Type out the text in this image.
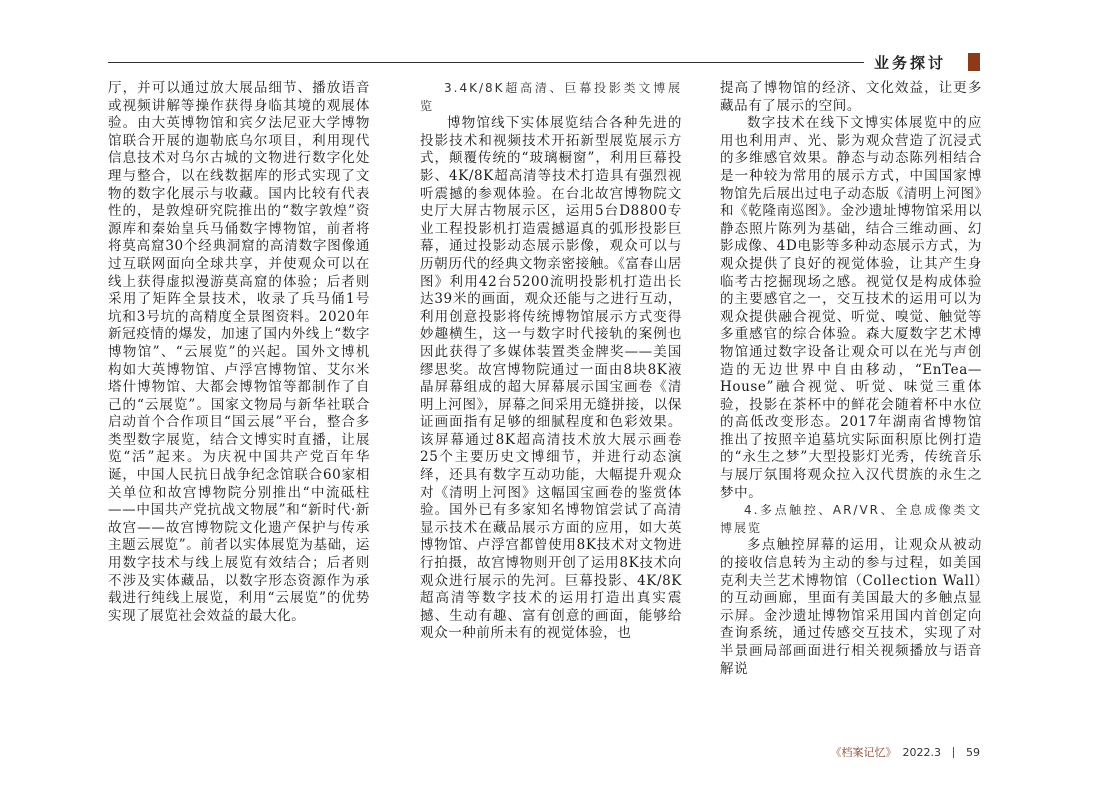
业务探讨

厅，并可以通过放大展品细节、播放语音或视频讲解等操作获得身临其境的观展体验。由大英博物馆和宾夕法尼亚大学博物馆联合开展的迦勒底乌尔项目，利用现代信息技术对乌尔古城的文物进行数字化处理与整合，以在线数据库的形式实现了文物的数字化展示与收藏。国内比较有代表性的，是敦煌研究院推出的“数字敦煌”资源库和秦始皇兵马俑数字博物馆，前者将将莫高窟30个经典洞窟的高清数字图像通过互联网面向全球共享，并使观众可以在线上获得虚拟漫游莫高窟的体验；后者则采用了矩阵全景技术，收录了兵马俑1号坑和3号坑的高精度全景图资料。2020年新冠疫情的爆发，加速了国内外线上“数字博物馆”、“云展览”的兴起。国外文博机构如大英博物馆、卢浮宫博物馆、艾尔米塔什博物馆、大都会博物馆等都制作了自己的“云展览”。国家文物局与新华社联合启动首个合作项目“国云展”平台，整合多类型数字展览，结合文博实时直播，让展览“活”起来。为庆祝中国共产党百年华诞，中国人民抗日战争纪念馆联合60家相关单位和故宫博物院分别推出“中流砥柱——中国共产党抗战文物展”和“新时代·新故宫——故宫博物院文化遗产保护与传承主题云展览”。前者以实体展览为基础，运用数字技术与线上展览有效结合；后者则不涉及实体藏品，以数字形态资源作为承载进行纯线上展览，利用“云展览”的优势实现了展览社会效益的最大化。

3.4K/8K超高清、巨幕投影类文博展览

博物馆线下实体展览结合各种先进的投影技术和视频技术开拓新型展览展示方式，颠覆传统的“玻璃橱窗”，利用巨幕投影、4K/8K超高清等技术打造具有强烈视听震撼的参观体验。在台北故宫博物院文史厅大屏古物展示区，运用5台D8800专业工程投影机打造震撼逼真的弧形投影巨幕，通过投影动态展示影像，观众可以与历朝历代的经典文物亲密接触。《富春山居图》利用42台5200流明投影机打造出长达39米的画面，观众还能与之进行互动，利用创意投影将传统博物馆展示方式变得妙趣横生，这一与数字时代接轨的案例也因此获得了多媒体装置类金牌奖——美国缪思奖。故宫博物院通过一面由8块8K液晶屏幕组成的超大屏幕展示国宝画卷《清明上河图》，屏幕之间采用无缝拼接，以保证画面指有足够的细腻程度和色彩效果。该屏幕通过8K超高清技术放大展示画卷25个主要历史文博细节，并进行动态演绎，还具有数字互动功能，大幅提升观众对《清明上河图》这幅国宝画卷的鉴赏体验。国外已有多家知名博物馆尝试了高清显示技术在藏品展示方面的应用，如大英博物馆、卢浮宫都曾使用8K技术对文物进行拍摄，故宫博物则开创了运用8K技术向观众进行展示的先河。巨幕投影、4K/8K超高清等数字技术的运用打造出真实震撼、生动有趣、富有创意的画面，能够给观众一种前所未有的视觉体验，也

提高了博物馆的经济、文化效益，让更多藏品有了展示的空间。

数字技术在线下文博实体展览中的应用也利用声、光、影为观众营造了沉浸式的多维感官效果。静态与动态陈列相结合是一种较为常用的展示方式，中国国家博物馆先后展出过电子动态版《清明上河图》和《乾隆南巡图》。金沙遗址博物馆采用以静态照片陈列为基础，结合三维动画、幻影成像、4D电影等多种动态展示方式，为观众提供了良好的视觉体验，让其产生身临考古挖掘现场之感。视觉仅是构成体验的主要感官之一，交互技术的运用可以为观众提供融合视觉、听觉、嗅觉、触觉等多重感官的综合体验。森大厦数字艺术博物馆通过数字设备让观众可以在光与声创造的无边世界中自由移动，“EnTea—House”融合视觉、听觉、味觉三重体验，投影在茶杯中的鲜花会随着杯中水位的高低改变形态。2017年湖南省博物馆推出了按照辛追墓坑实际面积原比例打造的“永生之梦”大型投影灯光秀，传统音乐与展厅氛围将观众拉入汉代贯族的永生之梦中。

4.多点触控、AR/VR、全息成像类文博展览

多点触控屏幕的运用，让观众从被动的接收信息转为主动的参与过程，如美国克利夫兰艺术博物馆（Collection Wall）的互动画廊，里面有美国最大的多触点显示屏。金沙遗址博物馆采用国内首创定向查询系统，通过传感交互技术，实现了对半景画局部画面进行相关视频播放与语音解说

《档案记忆》 2022.3 59
